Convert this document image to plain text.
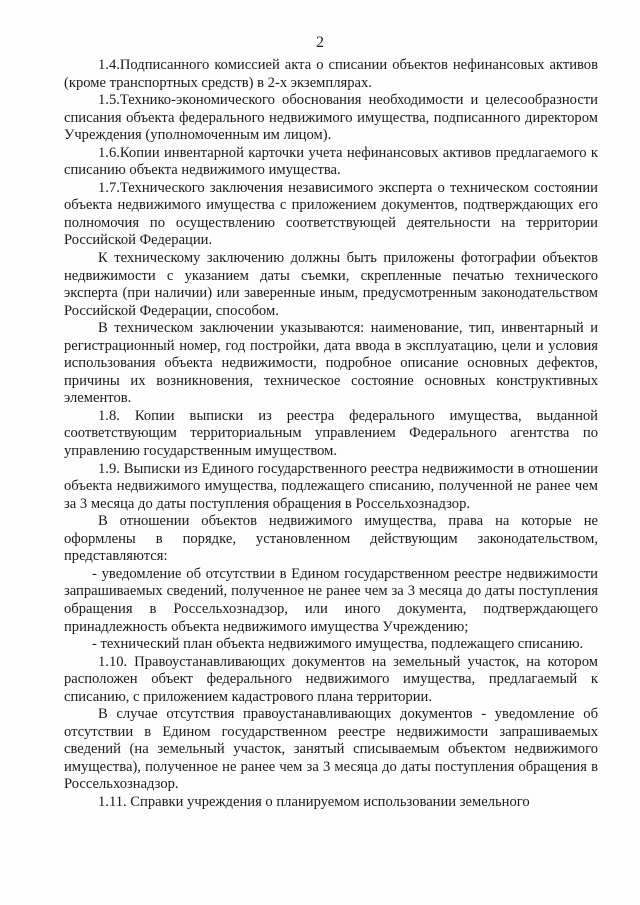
2

1.4.Подписанного комиссией акта о списании объектов нефинансовых активов (кроме транспортных средств) в 2-х экземплярах.

1.5.Технико-экономического обоснования необходимости и целесообразности списания объекта федерального недвижимого имущества, подписанного директором Учреждения (уполномоченным им лицом).

1.6.Копии инвентарной карточки учета нефинансовых активов предлагаемого к списанию объекта недвижимого имущества.

1.7.Технического заключения независимого эксперта о техническом состоянии объекта недвижимого имущества с приложением документов, подтверждающих его полномочия по осуществлению соответствующей деятельности на территории Российской Федерации.

К техническому заключению должны быть приложены фотографии объектов недвижимости с указанием даты съемки, скрепленные печатью технического эксперта (при наличии) или заверенные иным, предусмотренным законодательством Российской Федерации, способом.

В техническом заключении указываются: наименование, тип, инвентарный и регистрационный номер, год постройки, дата ввода в эксплуатацию, цели и условия использования объекта недвижимости, подробное описание основных дефектов, причины их возникновения, техническое состояние основных конструктивных элементов.

1.8. Копии выписки из реестра федерального имущества, выданной соответствующим территориальным управлением Федерального агентства по управлению государственным имуществом.

1.9. Выписки из Единого государственного реестра недвижимости в отношении объекта недвижимого имущества, подлежащего списанию, полученной не ранее чем за 3 месяца до даты поступления обращения в Россельхознадзор.

В отношении объектов недвижимого имущества, права на которые не оформлены в порядке, установленном действующим законодательством, представляются:

- уведомление об отсутствии в Едином государственном реестре недвижимости запрашиваемых сведений, полученное не ранее чем за 3 месяца до даты поступления обращения в Россельхознадзор, или иного документа, подтверждающего принадлежность объекта недвижимого имущества Учреждению;

- технический план объекта недвижимого имущества, подлежащего списанию.

1.10. Правоустанавливающих документов на земельный участок, на котором расположен объект федерального недвижимого имущества, предлагаемый к списанию, с приложением кадастрового плана территории.

В случае отсутствия правоустанавливающих документов - уведомление об отсутствии в Едином государственном реестре недвижимости запрашиваемых сведений (на земельный участок, занятый списываемым объектом недвижимого имущества), полученное не ранее чем за 3 месяца до даты поступления обращения в Россельхознадзор.

1.11. Справки учреждения о планируемом использовании земельного
